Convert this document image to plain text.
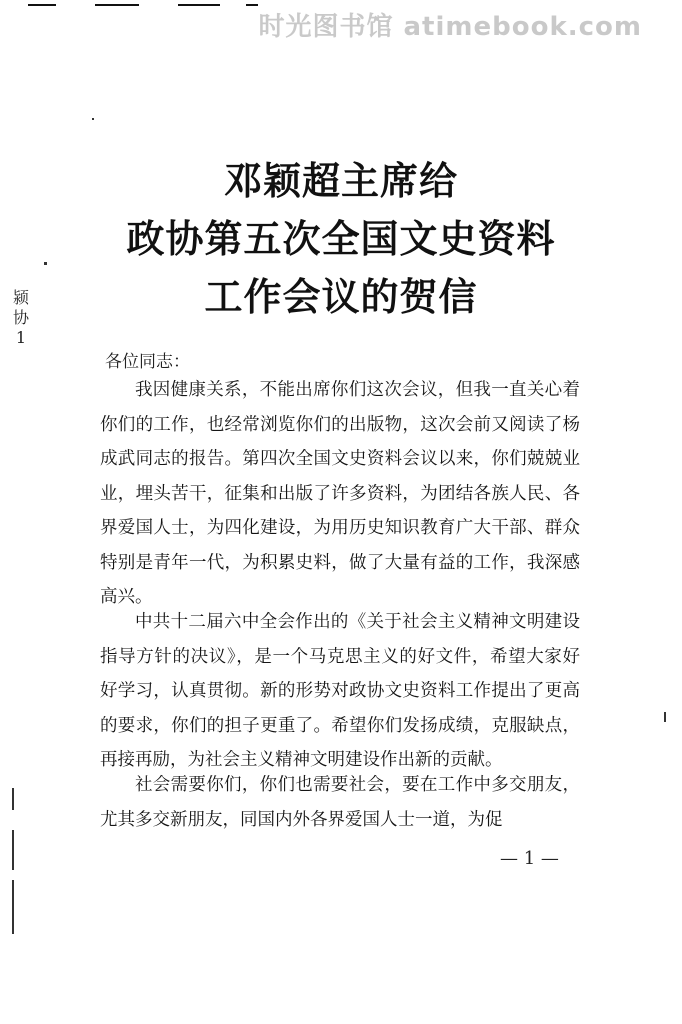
时光图书馆 atimebook.com
邓颖超主席给
政协第五次全国文史资料
工作会议的贺信
颍
协
1

各位同志：

我因健康关系，不能出席你们这次会议，但我一直关心着你们的工作，也经常浏览你们的出版物，这次会前又阅读了杨成武同志的报告。第四次全国文史资料会议以来，你们兢兢业业，埋头苦干，征集和出版了许多资料，为团结各族人民、各界爱国人士，为四化建设，为用历史知识教育广大干部、群众特别是青年一代，为积累史料，做了大量有益的工作，我深感高兴。

中共十二届六中全会作出的《关于社会主义精神文明建设指导方针的决议》，是一个马克思主义的好文件，希望大家好好学习，认真贯彻。新的形势对政协文史资料工作提出了更高的要求，你们的担子更重了。希望你们发扬成绩，克服缺点，再接再励，为社会主义精神文明建设作出新的贡献。

社会需要你们，你们也需要社会，要在工作中多交朋友，尤其多交新朋友，同国内外各界爱国人士一道，为促

— 1 —
